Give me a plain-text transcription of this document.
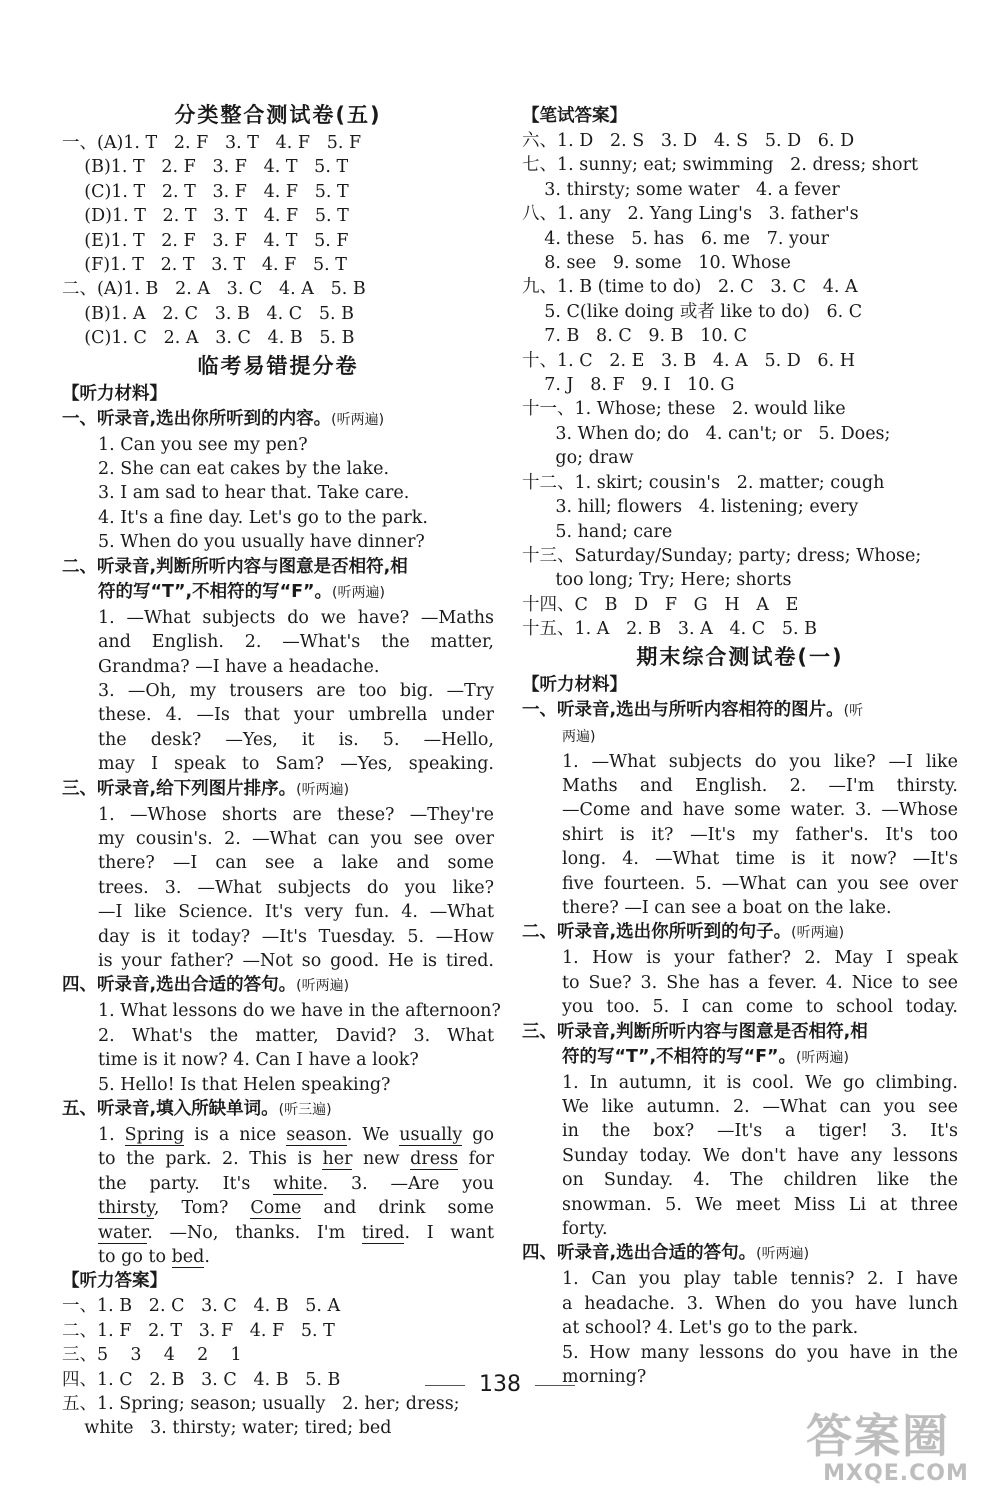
分类整合测试卷(五)
一、(A)1. T   2. F   3. T   4. F   5. F
(B)1. T   2. F   3. F   4. T   5. T
(C)1. T   2. T   3. F   4. F   5. T
(D)1. T   2. T   3. T   4. F   5. T
(E)1. T   2. F   3. F   4. T   5. F
(F)1. T   2. T   3. T   4. F   5. T
二、(A)1. B   2. A   3. C   4. A   5. B
(B)1. A   2. C   3. B   4. C   5. B
(C)1. C   2. A   3. C   4. B   5. B
临考易错提分卷
【听力材料】
一、听录音,选出你所听到的内容。(听两遍)
1. Can you see my pen?
2. She can eat cakes by the lake.
3. I am sad to hear that. Take care.
4. It's a fine day. Let's go to the park.
5. When do you usually have dinner?
二、听录音,判断所听内容与图意是否相符,相
符的写“T”,不相符的写“F”。(听两遍)
1. —What subjects do we have? —Maths
and English. 2. —What's the matter,
Grandma? —I have a headache.
3. —Oh, my trousers are too big. —Try
these. 4. —Is that your umbrella under
the desk? —Yes, it is. 5. —Hello,
may I speak to Sam? —Yes, speaking.
三、听录音,给下列图片排序。(听两遍)
1. —Whose shorts are these? —They're
my cousin's. 2. —What can you see over
there? —I can see a lake and some
trees. 3. —What subjects do you like?
—I like Science. It's very fun. 4. —What
day is it today? —It's Tuesday. 5. —How
is your father? —Not so good. He is tired.
四、听录音,选出合适的答句。(听两遍)
1. What lessons do we have in the afternoon?
2. What's the matter, David? 3. What
time is it now? 4. Can I have a look?
5. Hello! Is that Helen speaking?
五、听录音,填入所缺单词。(听三遍)
1. Spring is a nice season. We usually go
to the park. 2. This is her new dress for
the party. It's white. 3. —Are you
thirsty, Tom? Come and drink some
water. —No, thanks. I'm tired. I want
to go to bed.
【听力答案】
一、1. B   2. C   3. C   4. B   5. A
二、1. F   2. T   3. F   4. F   5. T
三、5    3    4    2    1
四、1. C   2. B   3. C   4. B   5. B
五、1. Spring; season; usually   2. her; dress;
white   3. thirsty; water; tired; bed
【笔试答案】
六、1. D   2. S   3. D   4. S   5. D   6. D
七、1. sunny; eat; swimming   2. dress; short
3. thirsty; some water   4. a fever
八、1. any   2. Yang Ling's   3. father's
4. these   5. has   6. me   7. your
8. see   9. some   10. Whose
九、1. B (time to do)   2. C   3. C   4. A
5. C(like doing 或者 like to do)   6. C
7. B   8. C   9. B   10. C
十、1. C   2. E   3. B   4. A   5. D   6. H
7. J   8. F   9. I   10. G
十一、1. Whose; these   2. would like
3. When do; do   4. can't; or   5. Does;
go; draw
十二、1. skirt; cousin's   2. matter; cough
3. hill; flowers   4. listening; every
5. hand; care
十三、Saturday/Sunday; party; dress; Whose;
too long; Try; Here; shorts
十四、C   B   D   F   G   H   A   E
十五、1. A   2. B   3. A   4. C   5. B
期末综合测试卷(一)
【听力材料】
一、听录音,选出与所听内容相符的图片。(听
两遍)
1. —What subjects do you like? —I like
Maths and English. 2. —I'm thirsty.
—Come and have some water. 3. —Whose
shirt is it? —It's my father's. It's too
long. 4. —What time is it now? —It's
five fourteen. 5. —What can you see over
there? —I can see a boat on the lake.
二、听录音,选出你所听到的句子。(听两遍)
1. How is your father? 2. May I speak
to Sue? 3. She has a fever. 4. Nice to see
you too. 5. I can come to school today.
三、听录音,判断所听内容与图意是否相符,相
符的写“T”,不相符的写“F”。(听两遍)
1. In autumn, it is cool. We go climbing.
We like autumn. 2. —What can you see
in the box? —It's a tiger! 3. It's
Sunday today. We don't have any lessons
on Sunday. 4. The children like the
snowman. 5. We meet Miss Li at three
forty.
四、听录音,选出合适的答句。(听两遍)
1. Can you play table tennis? 2. I have
a headache. 3. When do you have lunch
at school? 4. Let's go to the park.
5. How many lessons do you have in the
morning?
138
答案圈
MXQE.COM
